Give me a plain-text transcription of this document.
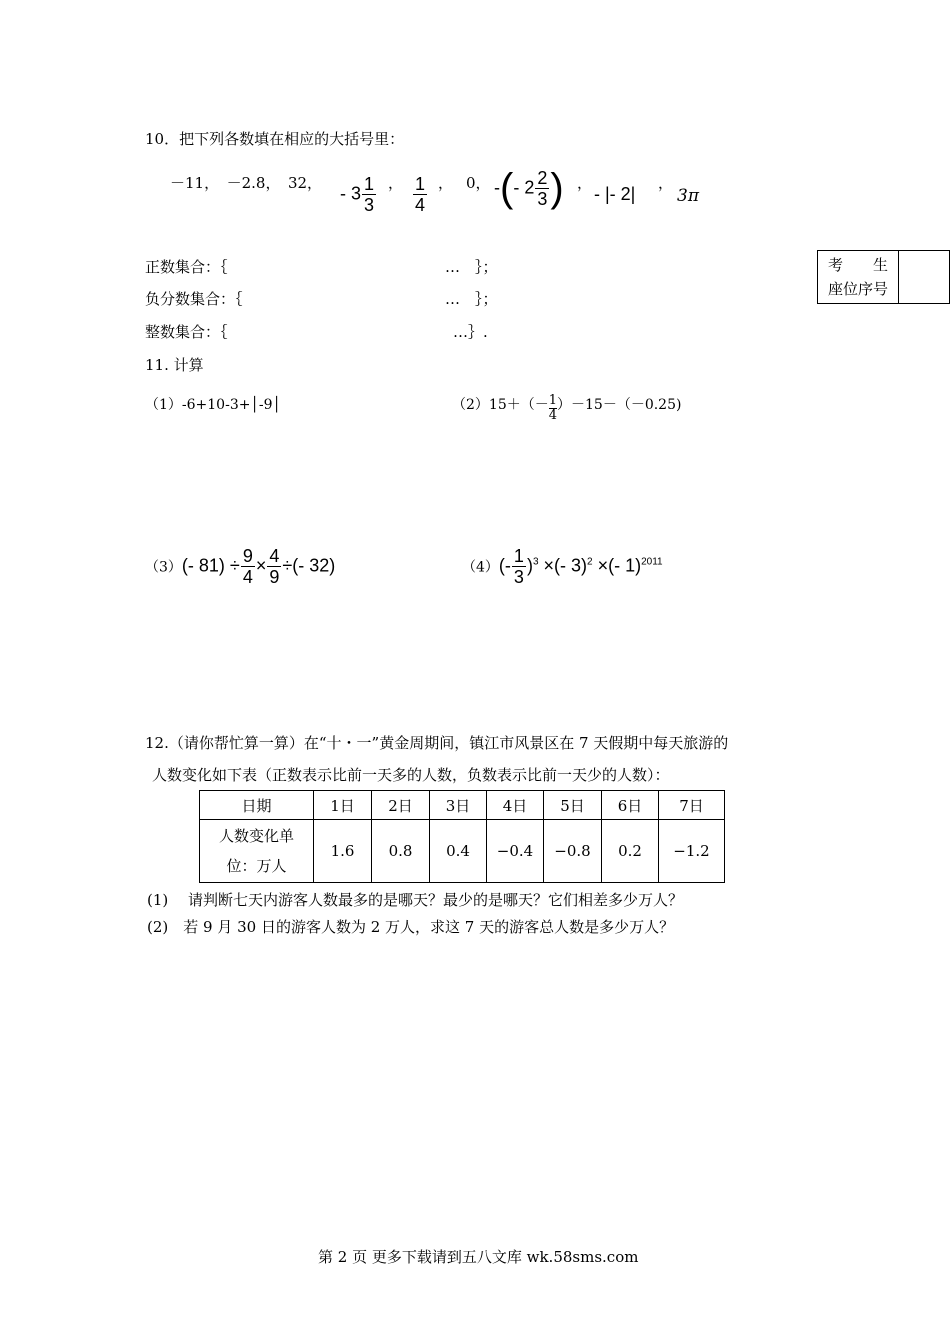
10．把下列各数填在相应的大括号里：
－11，　－2.8，　32，
- $3 \frac{1}{3}$ ， $\frac{1}{4}$ ， 0， -(- $2 \frac{2}{3}$ ) ，
- |- 2|
，
3π
正数集合：｛	…　｝；
负分数集合：｛	…　｝；
整数集合：｛	…｝.
考　　生
座位序号

11. 计算
（1）-6+10-3+│-9│	$(2)15+(- \frac{1}{4} )-15-(-0.25)$
（3）(- $81) \div \frac{9}{4} \times \frac{4}{9}$ ÷(- 32)	$(4)(- \frac{1}{3} )^3$ ×(- 3)$^2$ ×(- 1)$^{2011}$
12.（请你帮忙算一算）在“十・一”黄金周期间，镇江市风景区在 7 天假期中每天旅游的
人数变化如下表（正数表示比前一天多的人数，负数表示比前一天少的人数）：
日期	1日	2日	3日	4日	5日	6日	7日

人数变化单
位：万人	1.6	0.8	0.4	−0.4	−0.8	0.2	−1.2
(1)　 请判断七天内游客人数最多的是哪天？最少的是哪天？它们相差多少万人？
(2)　若 9 月 30 日的游客人数为 2 万人，求这 7 天的游客总人数是多少万人？
第 2 页 更多下载请到五八文库 wk.58sms.com
